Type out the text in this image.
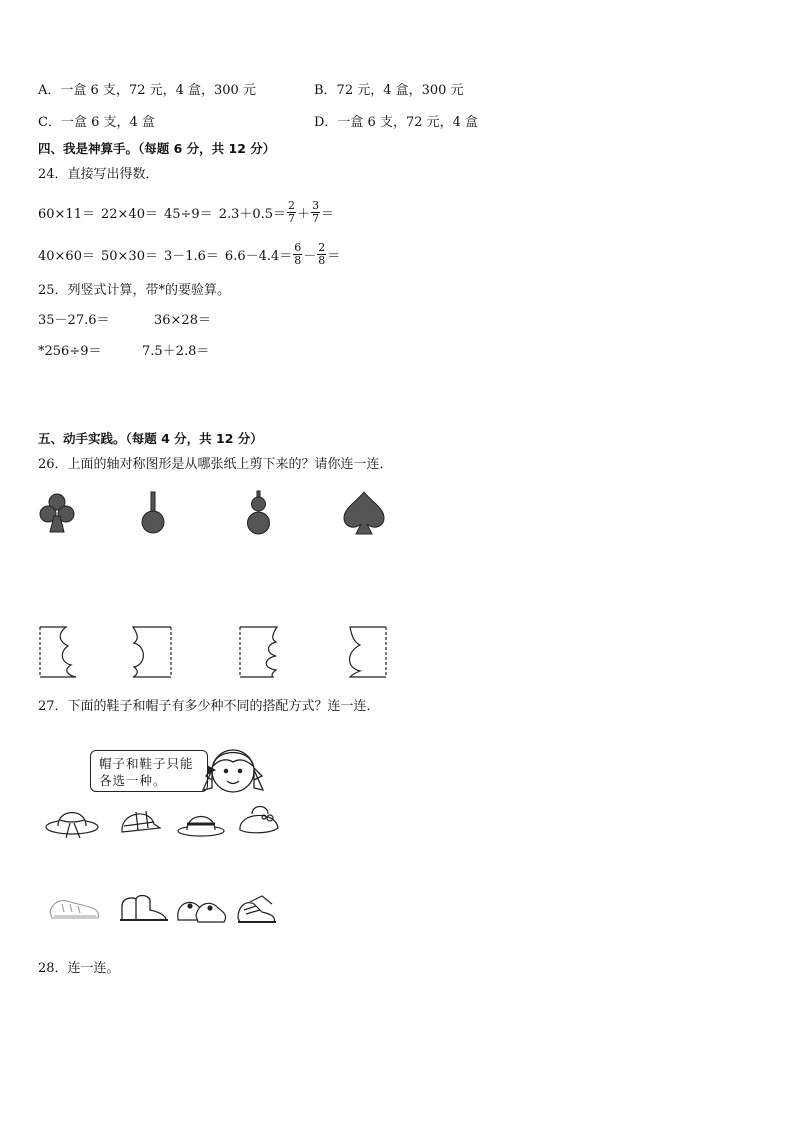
A．一盒 6 支，72 元，4 盒，300 元	B．72 元，4 盒，300 元
C．一盒 6 支，4 盒	D．一盒 6 支，72 元，4 盒
四、我是神算手。（每题 6 分，共 12 分）
24．直接写出得数．
$60\times 11= 22\times 40= 45\div 9= 2.3+0.5= \frac{2}{7} + \frac{3}{7}$ ＝
$40\times 60= 50\times 30= 3-1.6= 6.6-4.4= \frac{6}{8} - \frac{2}{8}$ ＝
25．列竖式计算，带*的要验算。
35－27.6＝	36×28＝
*256÷9＝	7.5＋2.8＝
五、动手实践。（每题 4 分，共 12 分）
26．上面的轴对称图形是从哪张纸上剪下来的？请你连一连．
27．下面的鞋子和帽子有多少种不同的搭配方式？连一连．
帽子和鞋子只能
各选一种。
28．连一连。
